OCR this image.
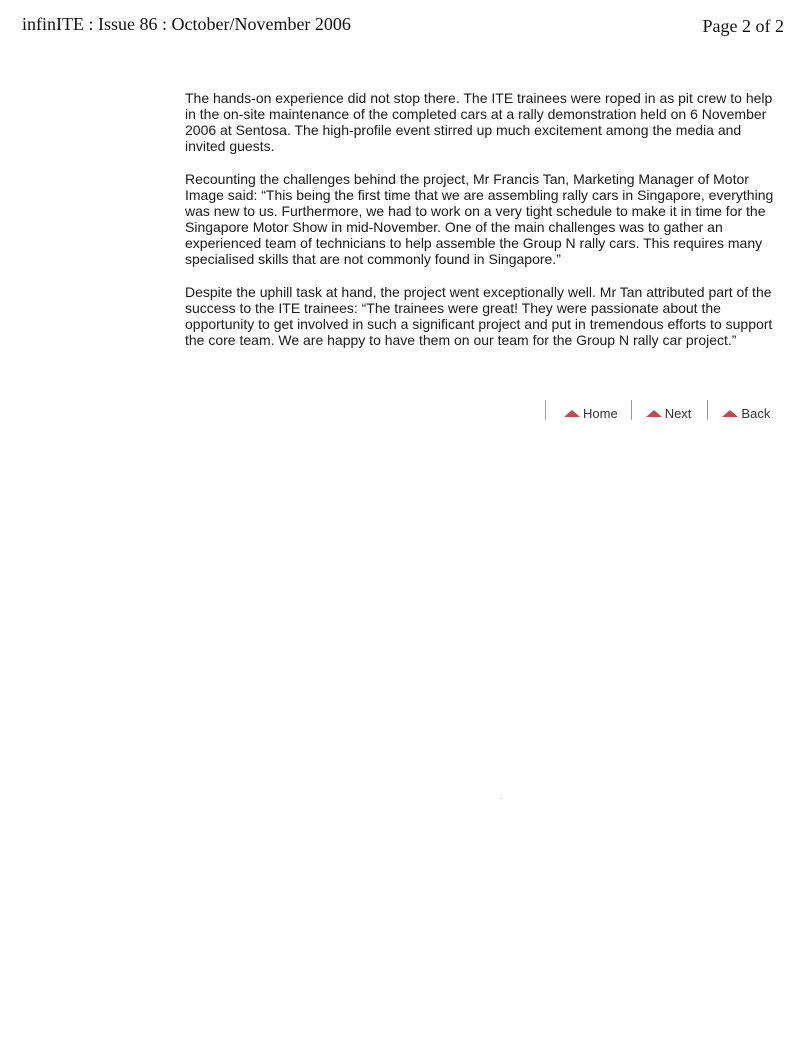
infinITE : Issue 86 : October/November 2006	Page 2 of 2

The hands-on experience did not stop there. The ITE trainees were roped in as pit crew to help in the on-site maintenance of the completed cars at a rally demonstration held on 6 November 2006 at Sentosa. The high-profile event stirred up much excitement among the media and invited guests.

Recounting the challenges behind the project, Mr Francis Tan, Marketing Manager of Motor Image said: “This being the first time that we are assembling rally cars in Singapore, everything was new to us. Furthermore, we had to work on a very tight schedule to make it in time for the Singapore Motor Show in mid-November. One of the main challenges was to gather an experienced team of technicians to help assemble the Group N rally cars. This requires many specialised skills that are not commonly found in Singapore.”

Despite the uphill task at hand, the project went exceptionally well. Mr Tan attributed part of the success to the ITE trainees: “The trainees were great! They were passionate about the opportunity to get involved in such a significant project and put in tremendous efforts to support the core team. We are happy to have them on our team for the Group N rally car project.”

Home	Next	Back
